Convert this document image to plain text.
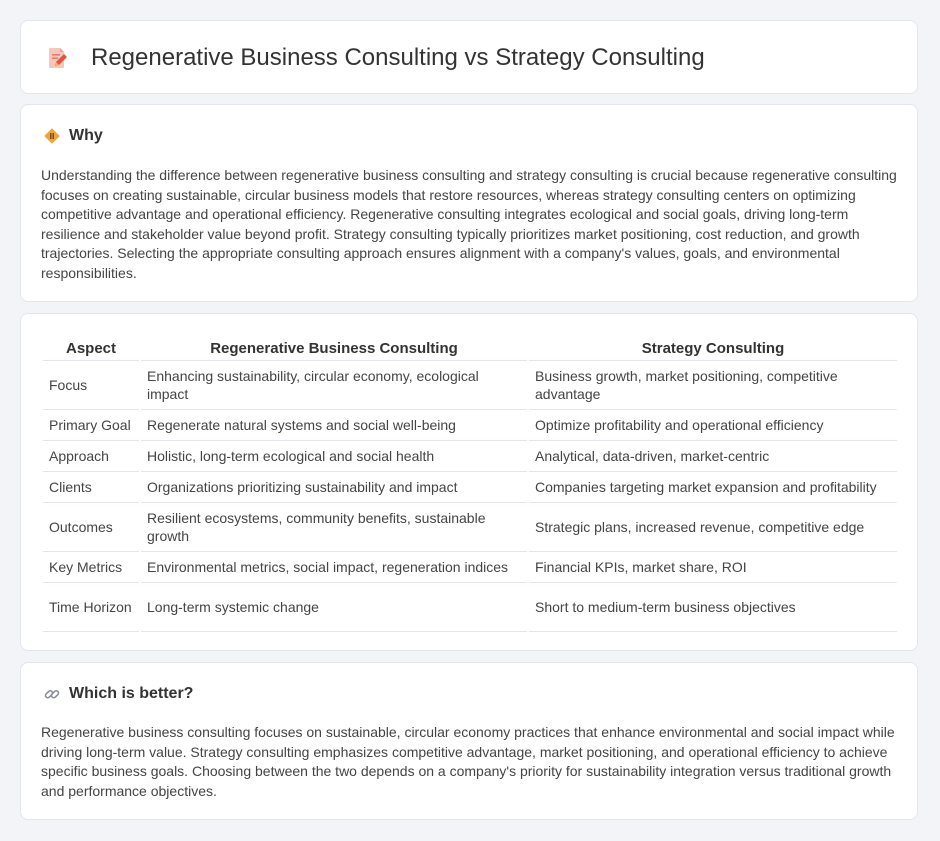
Regenerative Business Consulting vs Strategy Consulting
Why

Understanding the difference between regenerative business consulting and strategy consulting is crucial because regenerative consulting focuses on creating sustainable, circular business models that restore resources, whereas strategy consulting centers on optimizing competitive advantage and operational efficiency. Regenerative consulting integrates ecological and social goals, driving long-term resilience and stakeholder value beyond profit. Strategy consulting typically prioritizes market positioning, cost reduction, and growth trajectories. Selecting the appropriate consulting approach ensures alignment with a company's values, goals, and environmental responsibilities.

Aspect	Regenerative Business Consulting	Strategy Consulting
Focus	Enhancing sustainability, circular economy, ecological impact	Business growth, market positioning, competitive advantage
Primary Goal	Regenerate natural systems and social well-being	Optimize profitability and operational efficiency
Approach	Holistic, long-term ecological and social health	Analytical, data-driven, market-centric
Clients	Organizations prioritizing sustainability and impact	Companies targeting market expansion and profitability
Outcomes	Resilient ecosystems, community benefits, sustainable growth	Strategic plans, increased revenue, competitive edge
Key Metrics	Environmental metrics, social impact, regeneration indices	Financial KPIs, market share, ROI
Time Horizon	Long-term systemic change	Short to medium-term business objectives
Which is better?

Regenerative business consulting focuses on sustainable, circular economy practices that enhance environmental and social impact while driving long-term value. Strategy consulting emphasizes competitive advantage, market positioning, and operational efficiency to achieve specific business goals. Choosing between the two depends on a company's priority for sustainability integration versus traditional growth and performance objectives.
